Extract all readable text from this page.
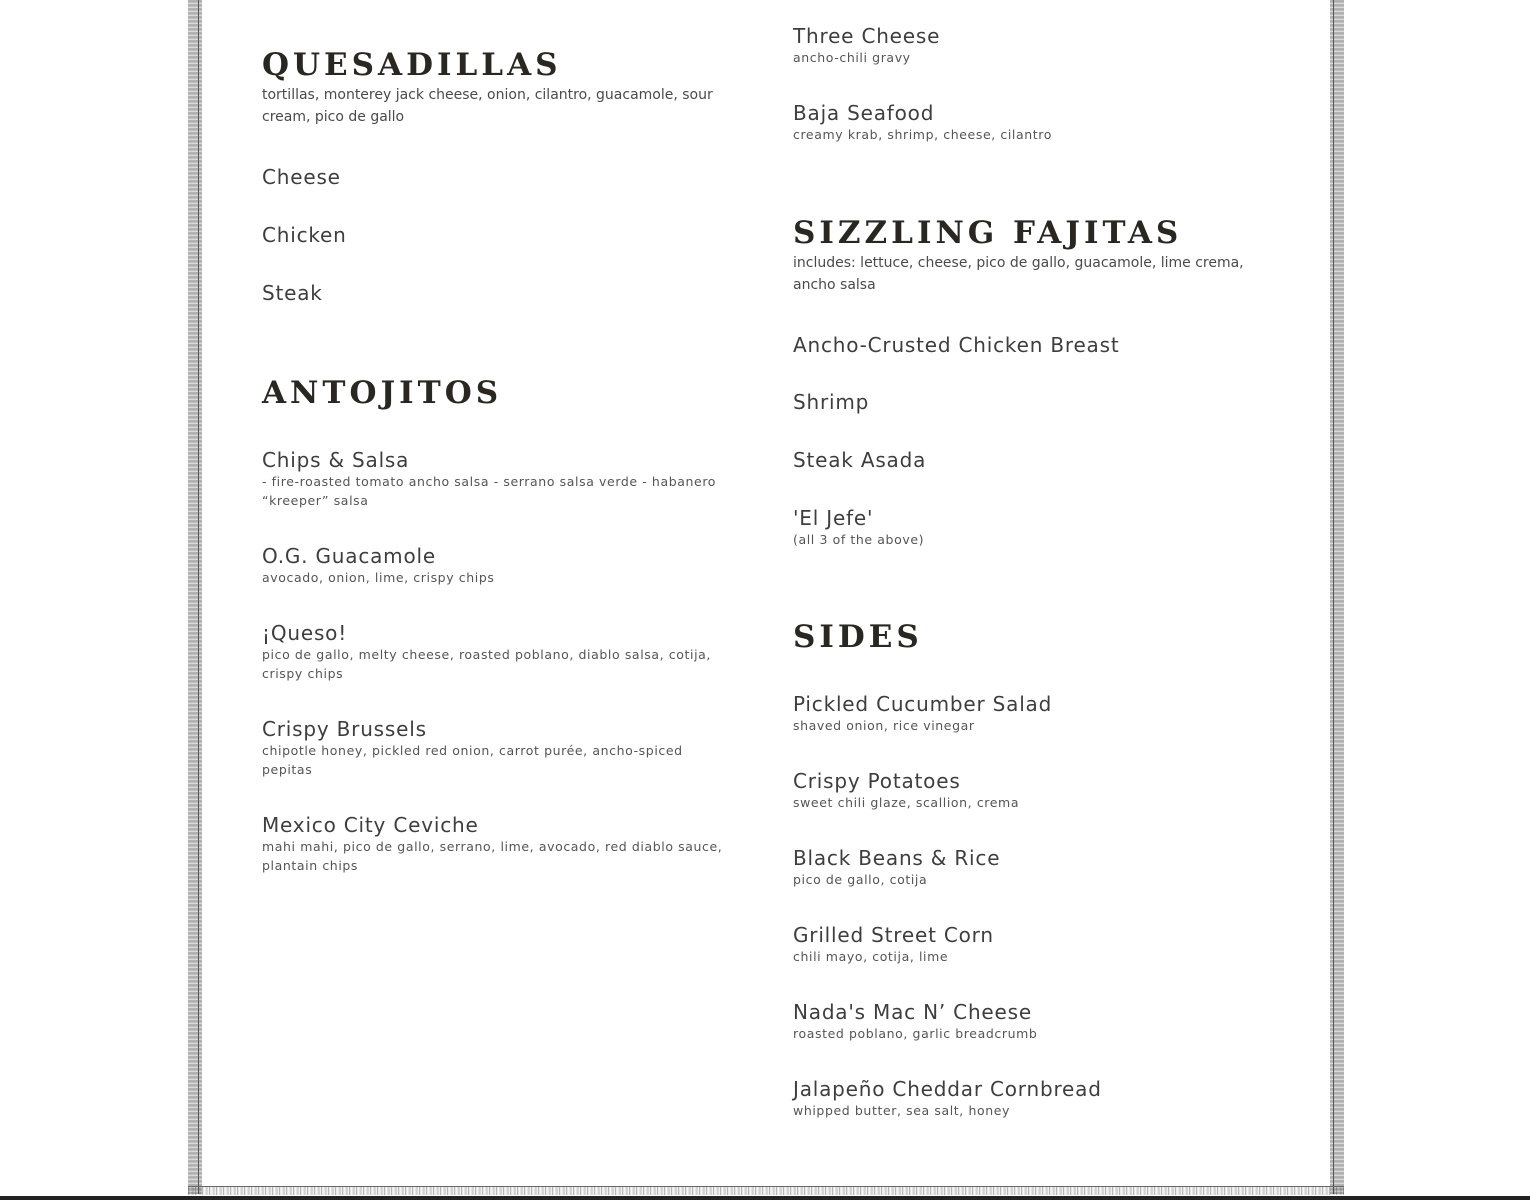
QUESADILLAS

tortillas, monterey jack cheese, onion, cilantro, guacamole, sour cream, pico de gallo

Cheese

Chicken

Steak

ANTOJITOS

Chips & Salsa

- fire-roasted tomato ancho salsa - serrano salsa verde - habanero “kreeper” salsa

O.G. Guacamole

avocado, onion, lime, crispy chips

¡Queso!

pico de gallo, melty cheese, roasted poblano, diablo salsa, cotija, crispy chips

Crispy Brussels

chipotle honey, pickled red onion, carrot purée, ancho-spiced pepitas

Mexico City Ceviche

mahi mahi, pico de gallo, serrano, lime, avocado, red diablo sauce, plantain chips

Three Cheese

ancho-chili gravy

Baja Seafood

creamy krab, shrimp, cheese, cilantro

SIZZLING FAJITAS

includes: lettuce, cheese, pico de gallo, guacamole, lime crema, ancho salsa

Ancho-Crusted Chicken Breast

Shrimp

Steak Asada

'El Jefe'

(all 3 of the above)

SIDES

Pickled Cucumber Salad

shaved onion, rice vinegar

Crispy Potatoes

sweet chili glaze, scallion, crema

Black Beans & Rice

pico de gallo, cotija

Grilled Street Corn

chili mayo, cotija, lime

Nada's Mac N’ Cheese

roasted poblano, garlic breadcrumb

Jalapeño Cheddar Cornbread

whipped butter, sea salt, honey
